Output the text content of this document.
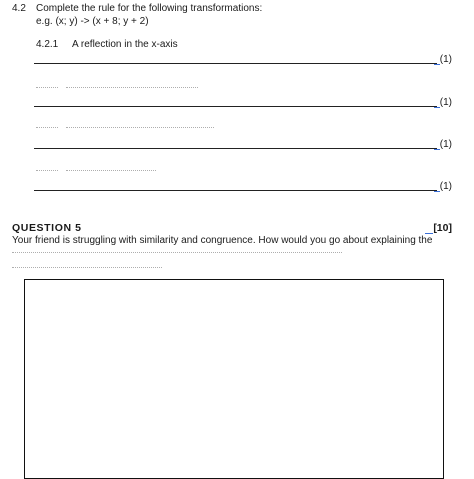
4.2 Complete the rule for the following transformations:
e.g. (x; y) -> (x + 8; y + 2)
4.2.1 A reflection in the x-axis
(1)
(1)
(1)
(1)
QUESTION 5	[10]
Your friend is struggling with similarity and congruence. How would you go about explaining the
